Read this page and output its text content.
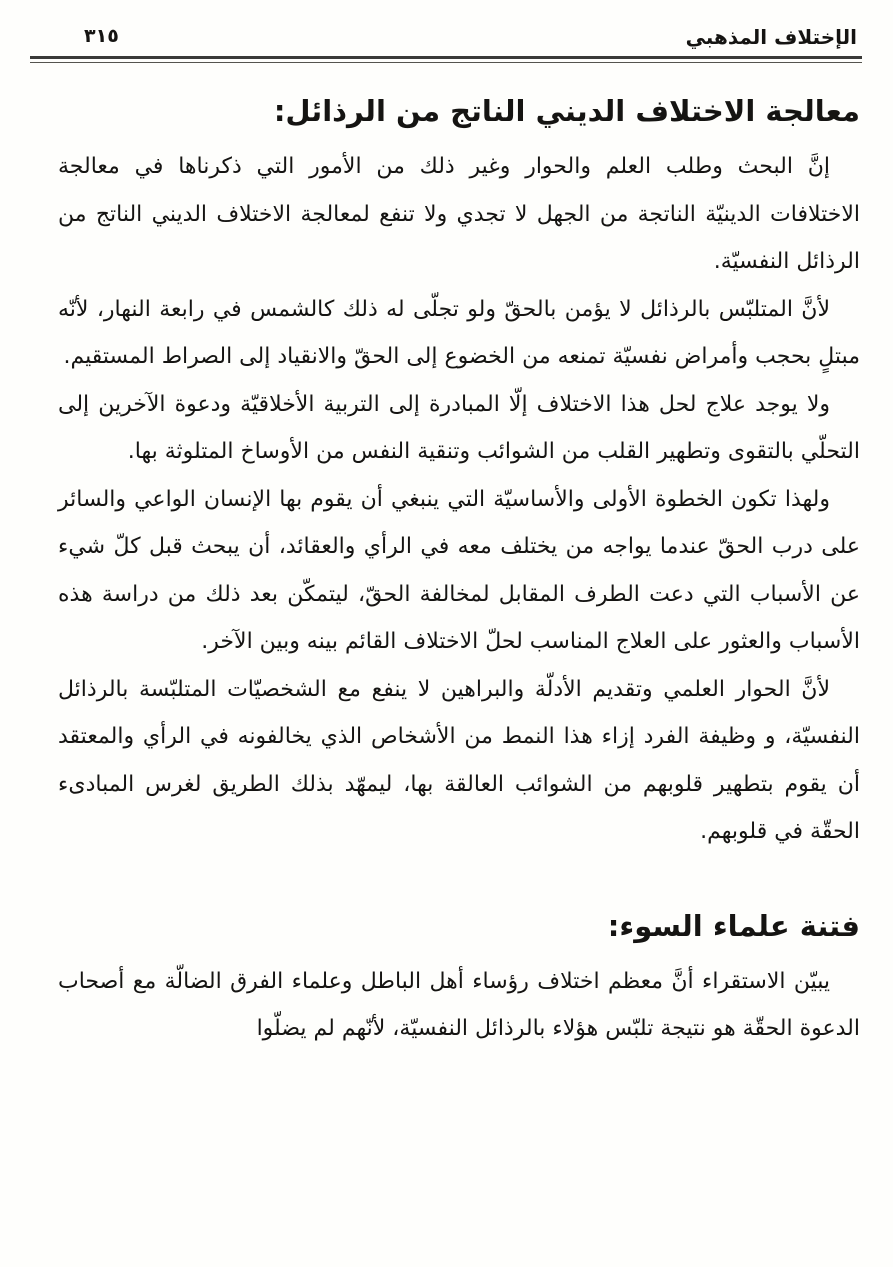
الإختلاف المذهبي
٣١٥
معالجة الاختلاف الديني الناتج من الرذائل:

إنَّ البحث وطلب العلم والحوار وغير ذلك من الأمور التي ذكرناها في معالجة الاختلافات الدينيّة الناتجة من الجهل لا تجدي ولا تنفع لمعالجة الاختلاف الديني الناتج من الرذائل النفسيّة.

لأنَّ المتلبّس بالرذائل لا يؤمن بالحقّ ولو تجلّى له ذلك كالشمس في رابعة النهار، لأنّه مبتلٍ بحجب وأمراض نفسيّة تمنعه من الخضوع إلى الحقّ والانقياد إلى الصراط المستقيم.

ولا يوجد علاج لحل هذا الاختلاف إلّا المبادرة إلى التربية الأخلاقيّة ودعوة الآخرين إلى التحلّي بالتقوى وتطهير القلب من الشوائب وتنقية النفس من الأوساخ المتلوثة بها.

ولهذا تكون الخطوة الأولى والأساسيّة التي ينبغي أن يقوم بها الإنسان الواعي والسائر على درب الحقّ عندما يواجه من يختلف معه في الرأي والعقائد، أن يبحث قبل كلّ شيء عن الأسباب التي دعت الطرف المقابل لمخالفة الحقّ، ليتمكّن بعد ذلك من دراسة هذه الأسباب والعثور على العلاج المناسب لحلّ الاختلاف القائم بينه وبين الآخر.

لأنَّ الحوار العلمي وتقديم الأدلّة والبراهين لا ينفع مع الشخصيّات المتلبّسة بالرذائل النفسيّة، و وظيفة الفرد إزاء هذا النمط من الأشخاص الذي يخالفونه في الرأي والمعتقد أن يقوم بتطهير قلوبهم من الشوائب العالقة بها، ليمهّد بذلك الطريق لغرس المبادىء الحقّة في قلوبهم.

فتنة علماء السوء:

يبيّن الاستقراء أنَّ معظم اختلاف رؤساء أهل الباطل وعلماء الفرق الضالّة مع أصحاب الدعوة الحقّة هو نتيجة تلبّس هؤلاء بالرذائل النفسيّة، لأنّهم لم يضلّوا
